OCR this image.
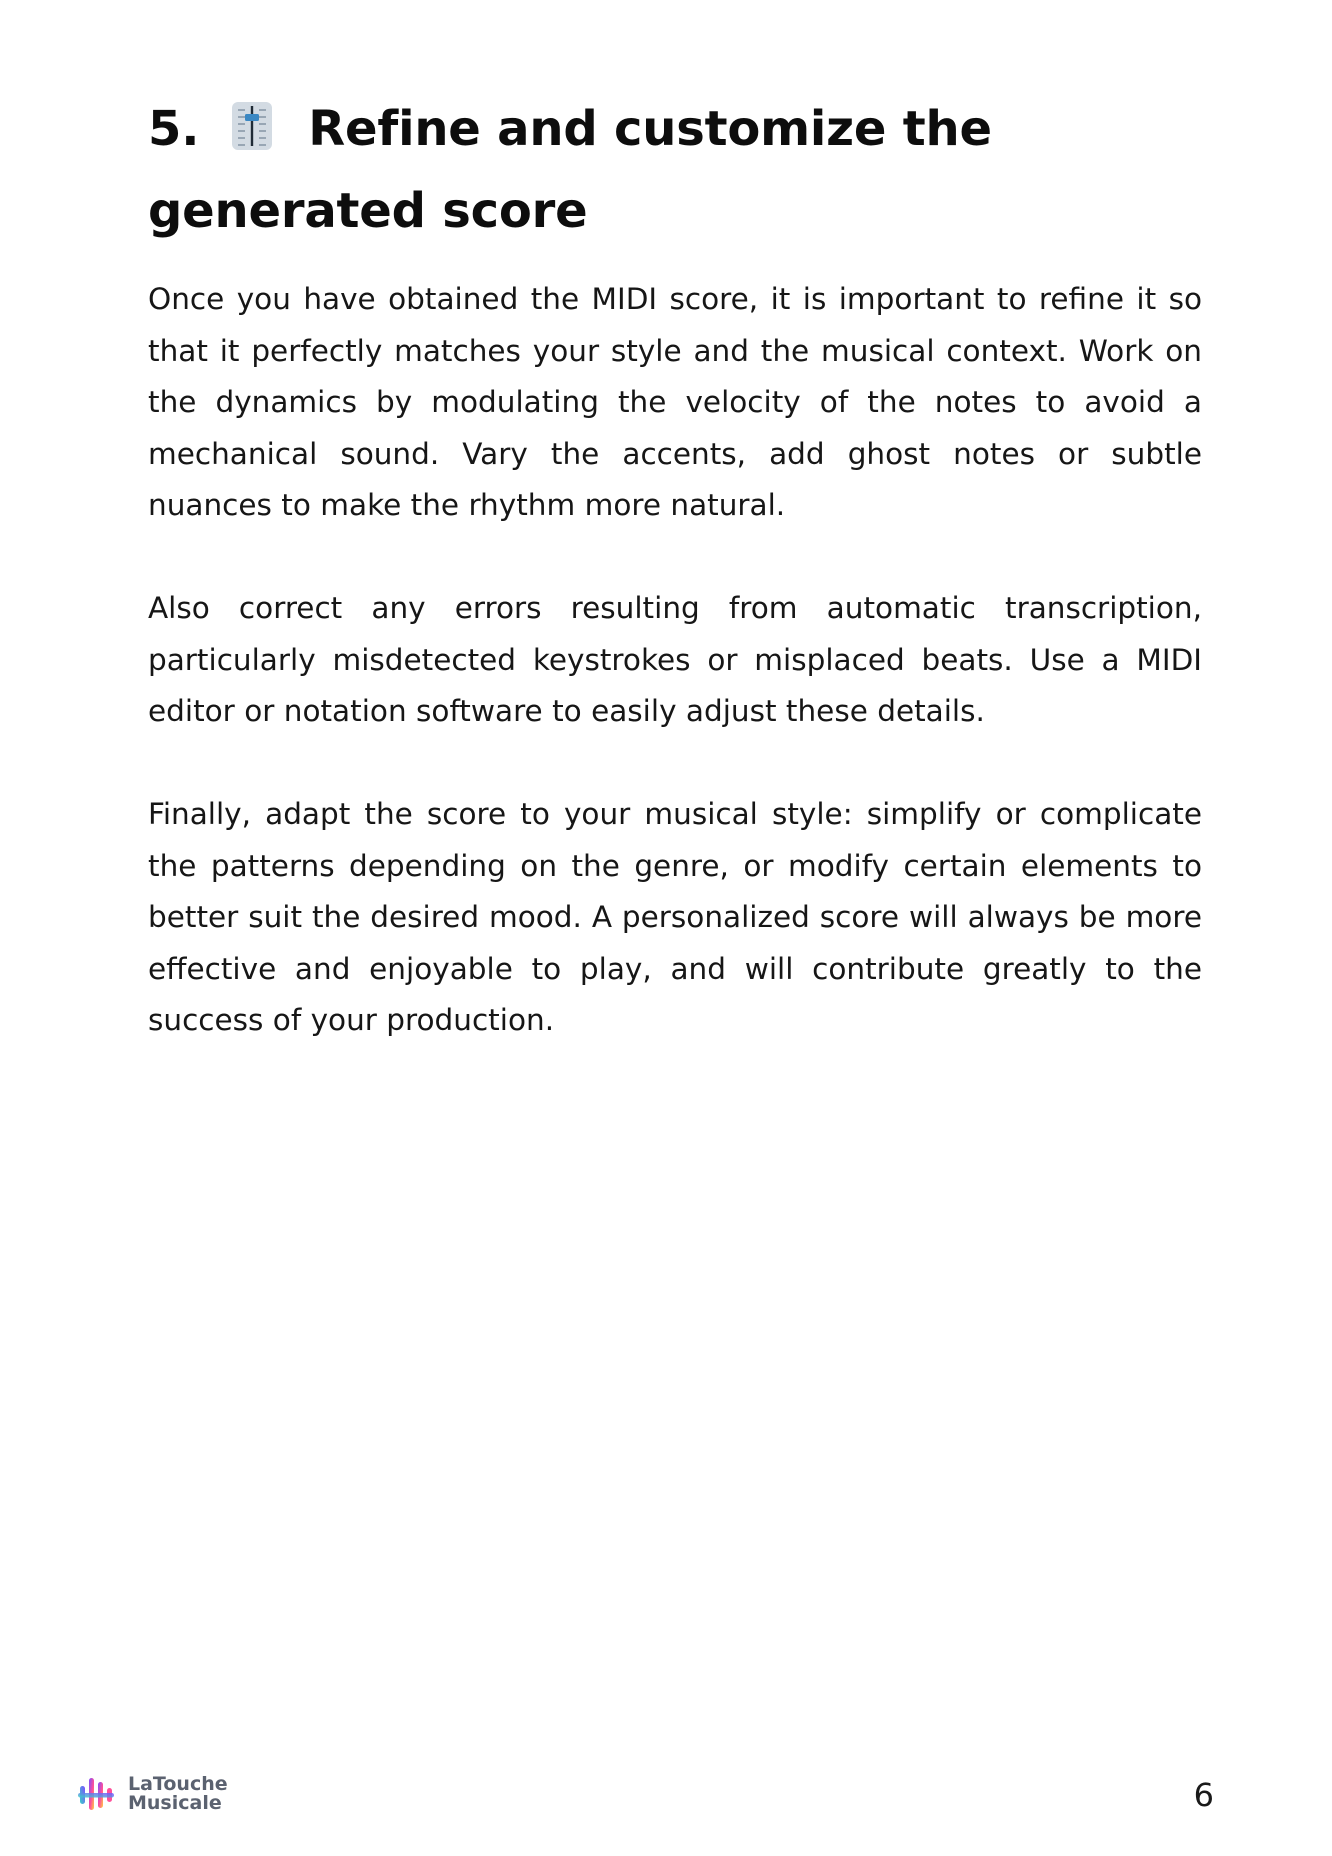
5. Refine and customize the generated score

Once you have obtained the MIDI score, it is important to refine it so that it perfectly matches your style and the musical context. Work on the dynamics by modulating the velocity of the notes to avoid a mechanical sound. Vary the accents, add ghost notes or subtle nuances to make the rhythm more natural.

Also correct any errors resulting from automatic transcription, particularly misdetected keystrokes or misplaced beats. Use a MIDI editor or notation software to easily adjust these details.

Finally, adapt the score to your musical style: simplify or complicate the patterns depending on the genre, or modify certain elements to better suit the desired mood. A personalized score will always be more effective and enjoyable to play, and will contribute greatly to the success of your production.

LaTouche
Musicale	6
